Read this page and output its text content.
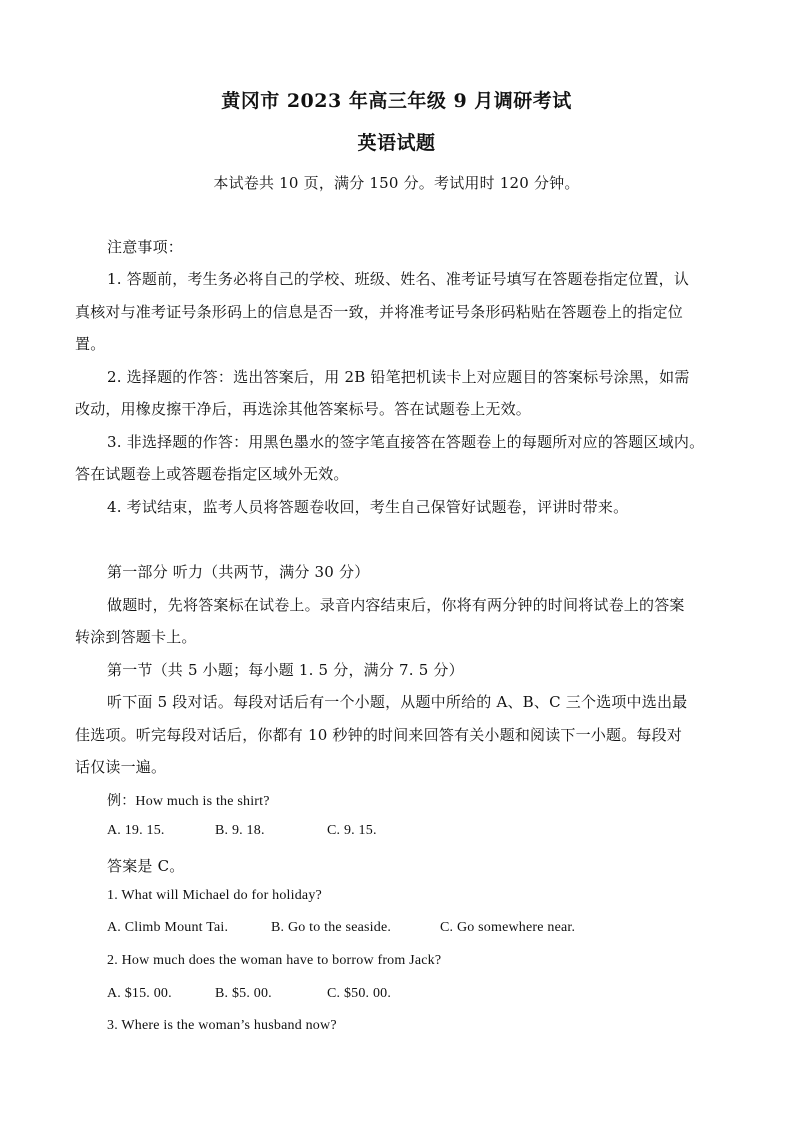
黄冈市 2023 年高三年级 9 月调研考试
英语试题
本试卷共 10 页，满分 150 分。考试用时 120 分钟。
注意事项：
1. 答题前，考生务必将自己的学校、班级、姓名、准考证号填写在答题卷指定位置，认
真核对与准考证号条形码上的信息是否一致，并将准考证号条形码粘贴在答题卷上的指定位
置。
2. 选择题的作答：选出答案后，用 2B 铅笔把机读卡上对应题目的答案标号涂黑，如需
改动，用橡皮擦干净后，再选涂其他答案标号。答在试题卷上无效。
3. 非选择题的作答：用黑色墨水的签字笔直接答在答题卷上的每题所对应的答题区域内。
答在试题卷上或答题卷指定区域外无效。
4. 考试结束，监考人员将答题卷收回，考生自己保管好试题卷，评讲时带来。
第一部分 听力（共两节，满分 30 分）
做题时，先将答案标在试卷上。录音内容结束后，你将有两分钟的时间将试卷上的答案
转涂到答题卡上。
第一节（共 5 小题；每小题 1. 5 分，满分 7. 5 分）
听下面 5 段对话。每段对话后有一个小题，从题中所给的 A、B、C 三个选项中选出最
佳选项。听完每段对话后，你都有 10 秒钟的时间来回答有关小题和阅读下一小题。每段对
话仅读一遍。
例：How much is the shirt?
A. 19. 15.	B. 9. 18.	C. 9. 15.
答案是 C。
1. What will Michael do for holiday?
A. Climb Mount Tai.	B. Go to the seaside.	C. Go somewhere near.
2. How much does the woman have to borrow from Jack?
A. $15. 00.	B. $5. 00.	C. $50. 00.
3. Where is the woman’s husband now?
